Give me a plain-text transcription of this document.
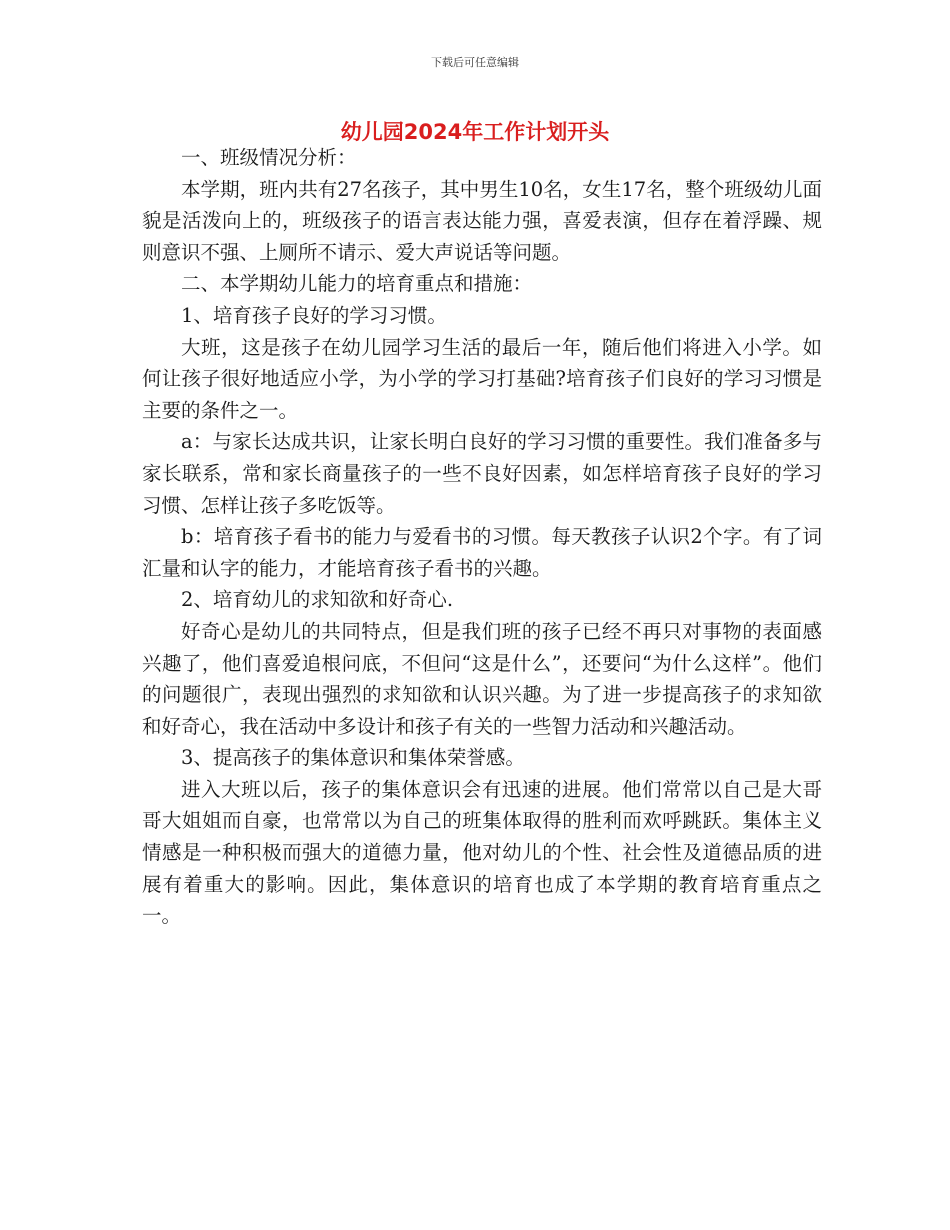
下载后可任意编辑
幼儿园2024年工作计划开头

一、班级情况分析：

本学期，班内共有27名孩子，其中男生10名，女生17名，整个班级幼儿面貌是活泼向上的，班级孩子的语言表达能力强，喜爱表演，但存在着浮躁、规则意识不强、上厕所不请示、爱大声说话等问题。

二、本学期幼儿能力的培育重点和措施：

1、培育孩子良好的学习习惯。

大班，这是孩子在幼儿园学习生活的最后一年，随后他们将进入小学。如何让孩子很好地适应小学，为小学的学习打基础?培育孩子们良好的学习习惯是主要的条件之一。

a：与家长达成共识，让家长明白良好的学习习惯的重要性。我们准备多与家长联系，常和家长商量孩子的一些不良好因素，如怎样培育孩子良好的学习习惯、怎样让孩子多吃饭等。

b：培育孩子看书的能力与爱看书的习惯。每天教孩子认识2个字。有了词汇量和认字的能力，才能培育孩子看书的兴趣。

2、培育幼儿的求知欲和好奇心.

好奇心是幼儿的共同特点，但是我们班的孩子已经不再只对事物的表面感兴趣了，他们喜爱追根问底，不但问“这是什么”，还要问“为什么这样”。他们的问题很广，表现出强烈的求知欲和认识兴趣。为了进一步提高孩子的求知欲和好奇心，我在活动中多设计和孩子有关的一些智力活动和兴趣活动。

3、提高孩子的集体意识和集体荣誉感。

进入大班以后，孩子的集体意识会有迅速的进展。他们常常以自己是大哥哥大姐姐而自豪，也常常以为自己的班集体取得的胜利而欢呼跳跃。集体主义情感是一种积极而强大的道德力量，他对幼儿的个性、社会性及道德品质的进展有着重大的影响。因此，集体意识的培育也成了本学期的教育培育重点之一。
